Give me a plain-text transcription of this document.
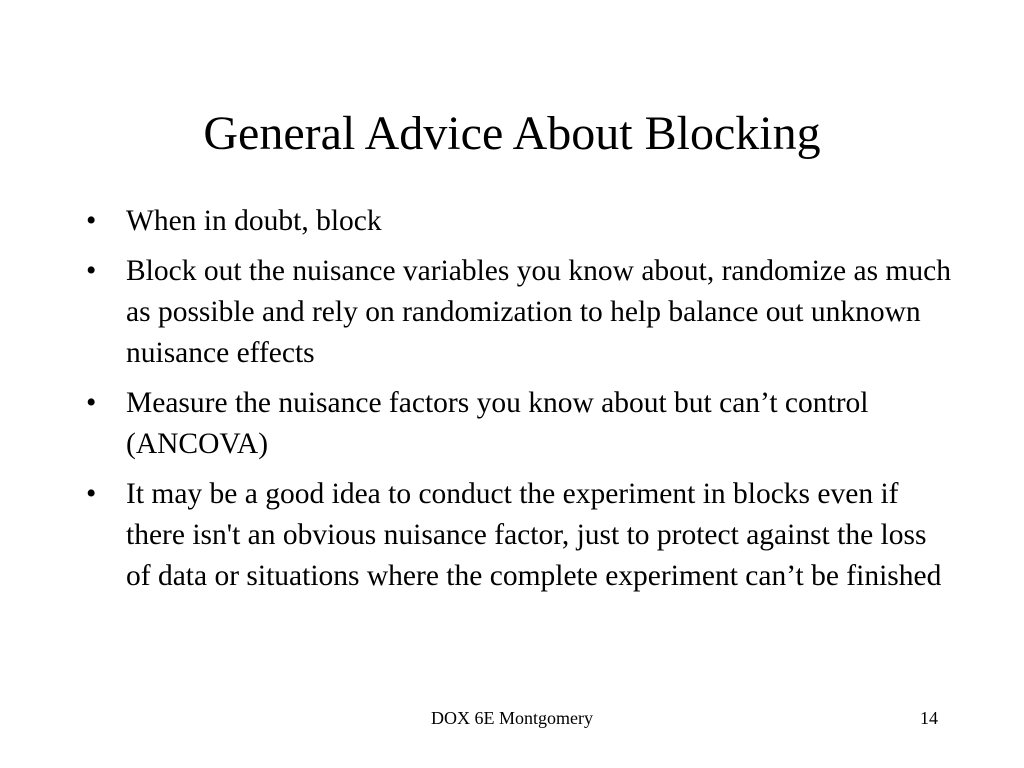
General Advice About Blocking
• When in doubt, block
• Block out the nuisance variables you know about, randomize as much as possible and rely on randomization to help balance out unknown nuisance effects
• Measure the nuisance factors you know about but can’t control (ANCOVA)
• It may be a good idea to conduct the experiment in blocks even if there isn't an obvious nuisance factor, just to protect against the loss of data or situations where the complete experiment can’t be finished
DOX 6E Montgomery	14
